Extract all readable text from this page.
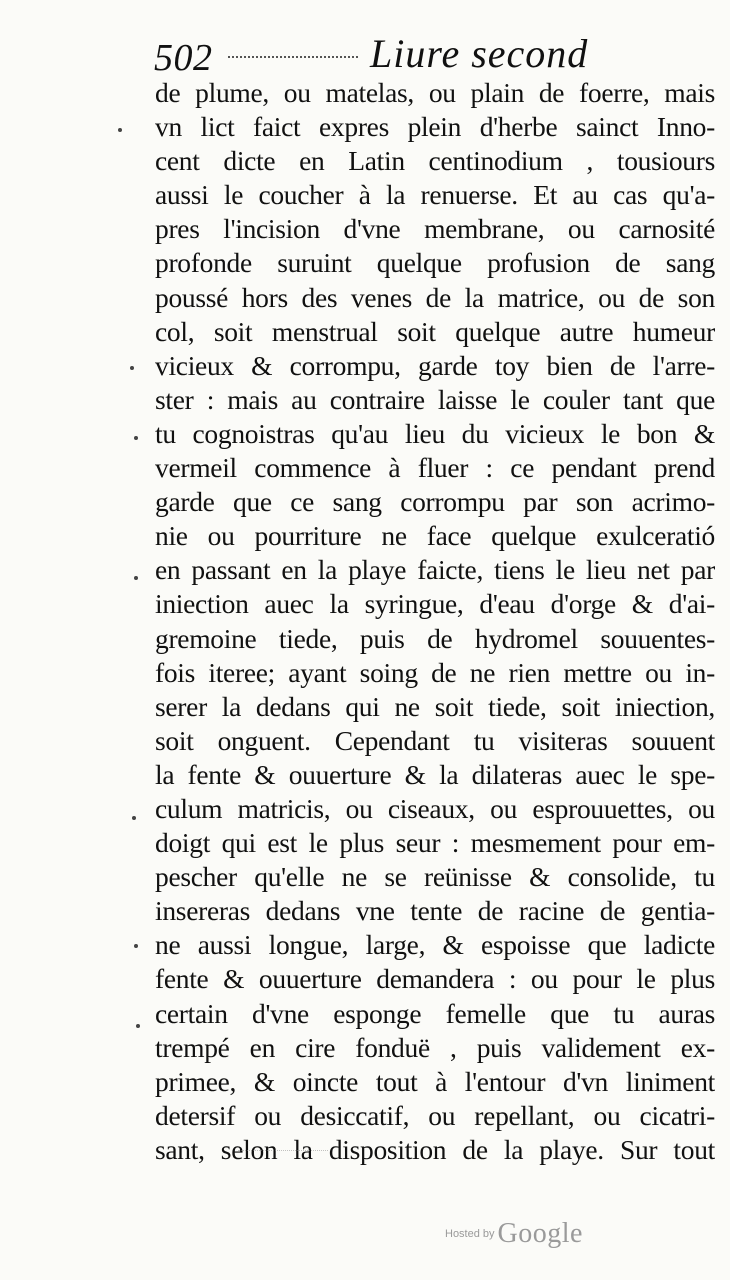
502	Liure second
de plume, ou matelas, ou plain de foerre, mais
vn lict faict expres plein d'herbe sainct Inno-
cent dicte en Latin centinodium , tousiours
aussi le coucher à la renuerse. Et au cas qu'a-
pres l'incision d'vne membrane, ou carnosité
profonde suruint quelque profusion de sang
poussé hors des venes de la matrice, ou de son
col, soit menstrual soit quelque autre humeur
vicieux & corrompu, garde toy bien de l'arre-
ster : mais au contraire laisse le couler tant que
tu cognoistras qu'au lieu du vicieux le bon &
vermeil commence à fluer : ce pendant prend
garde que ce sang corrompu par son acrimo-
nie ou pourriture ne face quelque exulceratió
en passant en la playe faicte, tiens le lieu net par
iniection auec la syringue, d'eau d'orge & d'ai-
gremoine tiede, puis de hydromel souuentes-
fois iteree; ayant soing de ne rien mettre ou in-
serer la dedans qui ne soit tiede, soit iniection,
soit onguent. Cependant tu visiteras souuent
la fente & ouuerture & la dilateras auec le spe-
culum matricis, ou ciseaux, ou esprouuettes, ou
doigt qui est le plus seur : mesmement pour em-
pescher qu'elle ne se reünisse & consolide, tu
insereras dedans vne tente de racine de gentia-
ne aussi longue, large, & espoisse que ladicte
fente & ouuerture demandera : ou pour le plus
certain d'vne esponge femelle que tu auras
trempé en cire fonduë , puis validement ex-
primee, & oincte tout à l'entour d'vn liniment
detersif ou desiccatif, ou repellant, ou cicatri-
sant, selon la disposition de la playe. Sur tout
Hosted by Google
